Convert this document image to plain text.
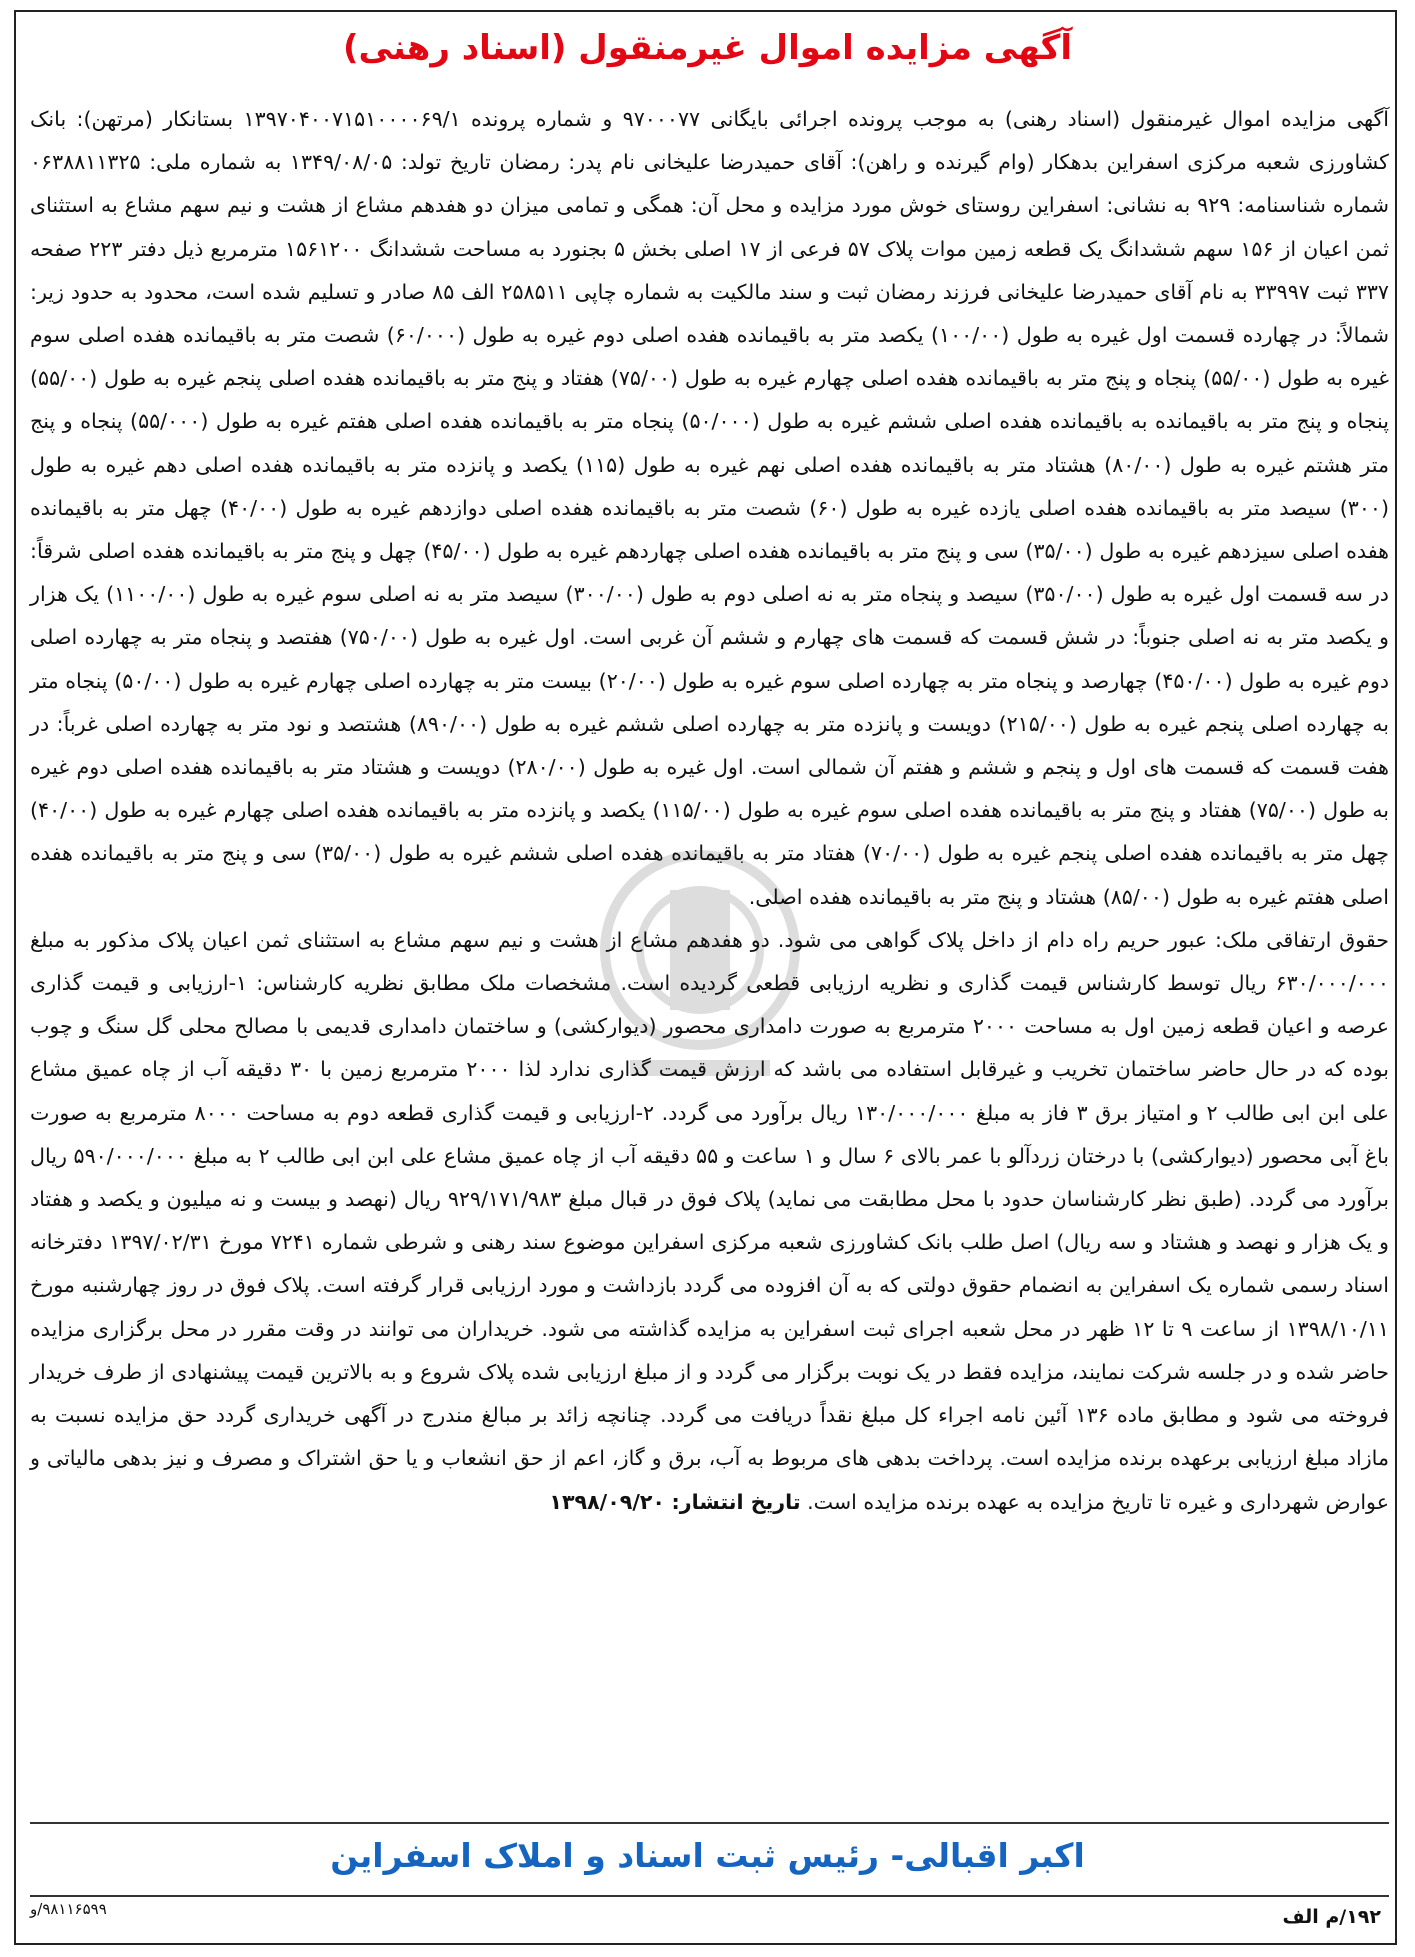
آگهی مزایده اموال غیرمنقول (اسناد رهنی)
آگهی مزایده اموال غیرمنقول (اسناد رهنی) به موجب پرونده اجرائی بایگانی ۹۷۰۰۰۷۷ و شماره پرونده ۱۳۹۷۰۴۰۰۷۱۵۱۰۰۰۰۶۹/۱ بستانکار (مرتهن): بانک کشاورزی شعبه مرکزی اسفراین بدهکار (وام گیرنده و راهن): آقای حمیدرضا علیخانی نام پدر: رمضان تاریخ تولد: ۱۳۴۹/۰۸/۰۵ به شماره ملی: ۰۶۳۸۸۱۱۳۲۵ شماره شناسنامه: ۹۲۹ به نشانی: اسفراین روستای خوش مورد مزایده و محل آن: همگی و تمامی میزان دو هفدهم مشاع از هشت و نیم سهم مشاع به استثنای ثمن اعیان از ۱۵۶ سهم ششدانگ یک قطعه زمین موات پلاک ۵۷ فرعی از ۱۷ اصلی بخش ۵ بجنورد به مساحت ششدانگ ۱۵۶۱۲۰۰ مترمربع ذیل دفتر ۲۲۳ صفحه ۳۳۷ ثبت ۳۳۹۹۷ به نام آقای حمیدرضا علیخانی فرزند رمضان ثبت و سند مالکیت به شماره چاپی ۲۵۸۵۱۱ الف ۸۵ صادر و تسلیم شده است، محدود به حدود زیر: شمالاً: در چهارده قسمت اول غیره به طول (۱۰۰/۰۰) یکصد متر به باقیمانده هفده اصلی دوم غیره به طول (۶۰/۰۰۰) شصت متر به باقیمانده هفده اصلی سوم غیره به طول (۵۵/۰۰) پنجاه و پنج متر به باقیمانده هفده اصلی چهارم غیره به طول (۷۵/۰۰) هفتاد و پنج متر به باقیمانده هفده اصلی پنجم غیره به طول (۵۵/۰۰) پنجاه و پنج متر به باقیمانده به باقیمانده هفده اصلی ششم غیره به طول (۵۰/۰۰۰) پنجاه متر به باقیمانده هفده اصلی هفتم غیره به طول (۵۵/۰۰۰) پنجاه و پنج متر هشتم غیره به طول (۸۰/۰۰) هشتاد متر به باقیمانده هفده اصلی نهم غیره به طول (۱۱۵) یکصد و پانزده متر به باقیمانده هفده اصلی دهم غیره به طول (۳۰۰) سیصد متر به باقیمانده هفده اصلی یازده غیره به طول (۶۰) شصت متر به باقیمانده هفده اصلی دوازدهم غیره به طول (۴۰/۰۰) چهل متر به باقیمانده هفده اصلی سیزدهم غیره به طول (۳۵/۰۰) سی و پنج متر به باقیمانده هفده اصلی چهاردهم غیره به طول (۴۵/۰۰) چهل و پنج متر به باقیمانده هفده اصلی شرقاً: در سه قسمت اول غیره به طول (۳۵۰/۰۰) سیصد و پنجاه متر به نه اصلی دوم به طول (۳۰۰/۰۰) سیصد متر به نه اصلی سوم غیره به طول (۱۱۰۰/۰۰) یک هزار و یکصد متر به نه اصلی جنوباً: در شش قسمت که قسمت های چهارم و ششم آن غربی است. اول غیره به طول (۷۵۰/۰۰) هفتصد و پنجاه متر به چهارده اصلی دوم غیره به طول (۴۵۰/۰۰) چهارصد و پنجاه متر به چهارده اصلی سوم غیره به طول (۲۰/۰۰) بیست متر به چهارده اصلی چهارم غیره به طول (۵۰/۰۰) پنجاه متر به چهارده اصلی پنجم غیره به طول (۲۱۵/۰۰) دویست و پانزده متر به چهارده اصلی ششم غیره به طول (۸۹۰/۰۰) هشتصد و نود متر به چهارده اصلی غرباً: در هفت قسمت که قسمت های اول و پنجم و ششم و هفتم آن شمالی است. اول غیره به طول (۲۸۰/۰۰) دویست و هشتاد متر به باقیمانده هفده اصلی دوم غیره به طول (۷۵/۰۰) هفتاد و پنج متر به باقیمانده هفده اصلی سوم غیره به طول (۱۱۵/۰۰) یکصد و پانزده متر به باقیمانده هفده اصلی چهارم غیره به طول (۴۰/۰۰) چهل متر به باقیمانده هفده اصلی پنجم غیره به طول (۷۰/۰۰) هفتاد متر به باقیمانده هفده اصلی ششم غیره به طول (۳۵/۰۰) سی و پنج متر به باقیمانده هفده اصلی هفتم غیره به طول (۸۵/۰۰) هشتاد و پنج متر به باقیمانده هفده اصلی.
حقوق ارتفاقی ملک: عبور حریم راه دام از داخل پلاک گواهی می شود. دو هفدهم مشاع از هشت و نیم سهم مشاع به استثنای ثمن اعیان پلاک مذکور به مبلغ ۶۳۰/۰۰۰/۰۰۰ ریال توسط کارشناس قیمت گذاری و نظریه ارزیابی قطعی گردیده است. مشخصات ملک مطابق نظریه کارشناس: ۱-ارزیابی و قیمت گذاری عرصه و اعیان قطعه زمین اول به مساحت ۲۰۰۰ مترمربع به صورت دامداری محصور (دیوارکشی) و ساختمان دامداری قدیمی با مصالح محلی گل سنگ و چوب بوده که در حال حاضر ساختمان تخریب و غیرقابل استفاده می باشد که ارزش قیمت گذاری ندارد لذا ۲۰۰۰ مترمربع زمین با ۳۰ دقیقه آب از چاه عمیق مشاع علی ابن ابی طالب ۲ و امتیاز برق ۳ فاز به مبلغ ۱۳۰/۰۰۰/۰۰۰ ریال برآورد می گردد. ۲-ارزیابی و قیمت گذاری قطعه دوم به مساحت ۸۰۰۰ مترمربع به صورت باغ آبی محصور (دیوارکشی) با درختان زردآلو با عمر بالای ۶ سال و ۱ ساعت و ۵۵ دقیقه آب از چاه عمیق مشاع علی ابن ابی طالب ۲ به مبلغ ۵۹۰/۰۰۰/۰۰۰ ریال برآورد می گردد. (طبق نظر کارشناسان حدود با محل مطابقت می نماید) پلاک فوق در قبال مبلغ ۹۲۹/۱۷۱/۹۸۳ ریال (نهصد و بیست و نه میلیون و یکصد و هفتاد و یک هزار و نهصد و هشتاد و سه ریال) اصل طلب بانک کشاورزی شعبه مرکزی اسفراین موضوع سند رهنی و شرطی شماره ۷۲۴۱ مورخ ۱۳۹۷/۰۲/۳۱ دفترخانه اسناد رسمی شماره یک اسفراین به انضمام حقوق دولتی که به آن افزوده می گردد بازداشت و مورد ارزیابی قرار گرفته است. پلاک فوق در روز چهارشنبه مورخ ۱۳۹۸/۱۰/۱۱ از ساعت ۹ تا ۱۲ ظهر در محل شعبه اجرای ثبت اسفراین به مزایده گذاشته می شود. خریداران می توانند در وقت مقرر در محل برگزاری مزایده حاضر شده و در جلسه شرکت نمایند، مزایده فقط در یک نوبت برگزار می گردد و از مبلغ ارزیابی شده پلاک شروع و به بالاترین قیمت پیشنهادی از طرف خریدار فروخته می شود و مطابق ماده ۱۳۶ آئین نامه اجراء کل مبلغ نقداً دریافت می گردد. چنانچه زائد بر مبالغ مندرج در آگهی خریداری گردد حق مزایده نسبت به مازاد مبلغ ارزیابی برعهده برنده مزایده است. پرداخت بدهی های مربوط به آب، برق و گاز، اعم از حق انشعاب و یا حق اشتراک و مصرف و نیز بدهی مالیاتی و عوارض شهرداری و غیره تا تاریخ مزایده به عهده برنده مزایده است. تاریخ انتشار: ۱۳۹۸/۰۹/۲۰
اکبر اقبالی- رئیس ثبت اسناد و املاک اسفراین
۱۹۲/م الف
۹۸۱۱۶۵۹۹/و
